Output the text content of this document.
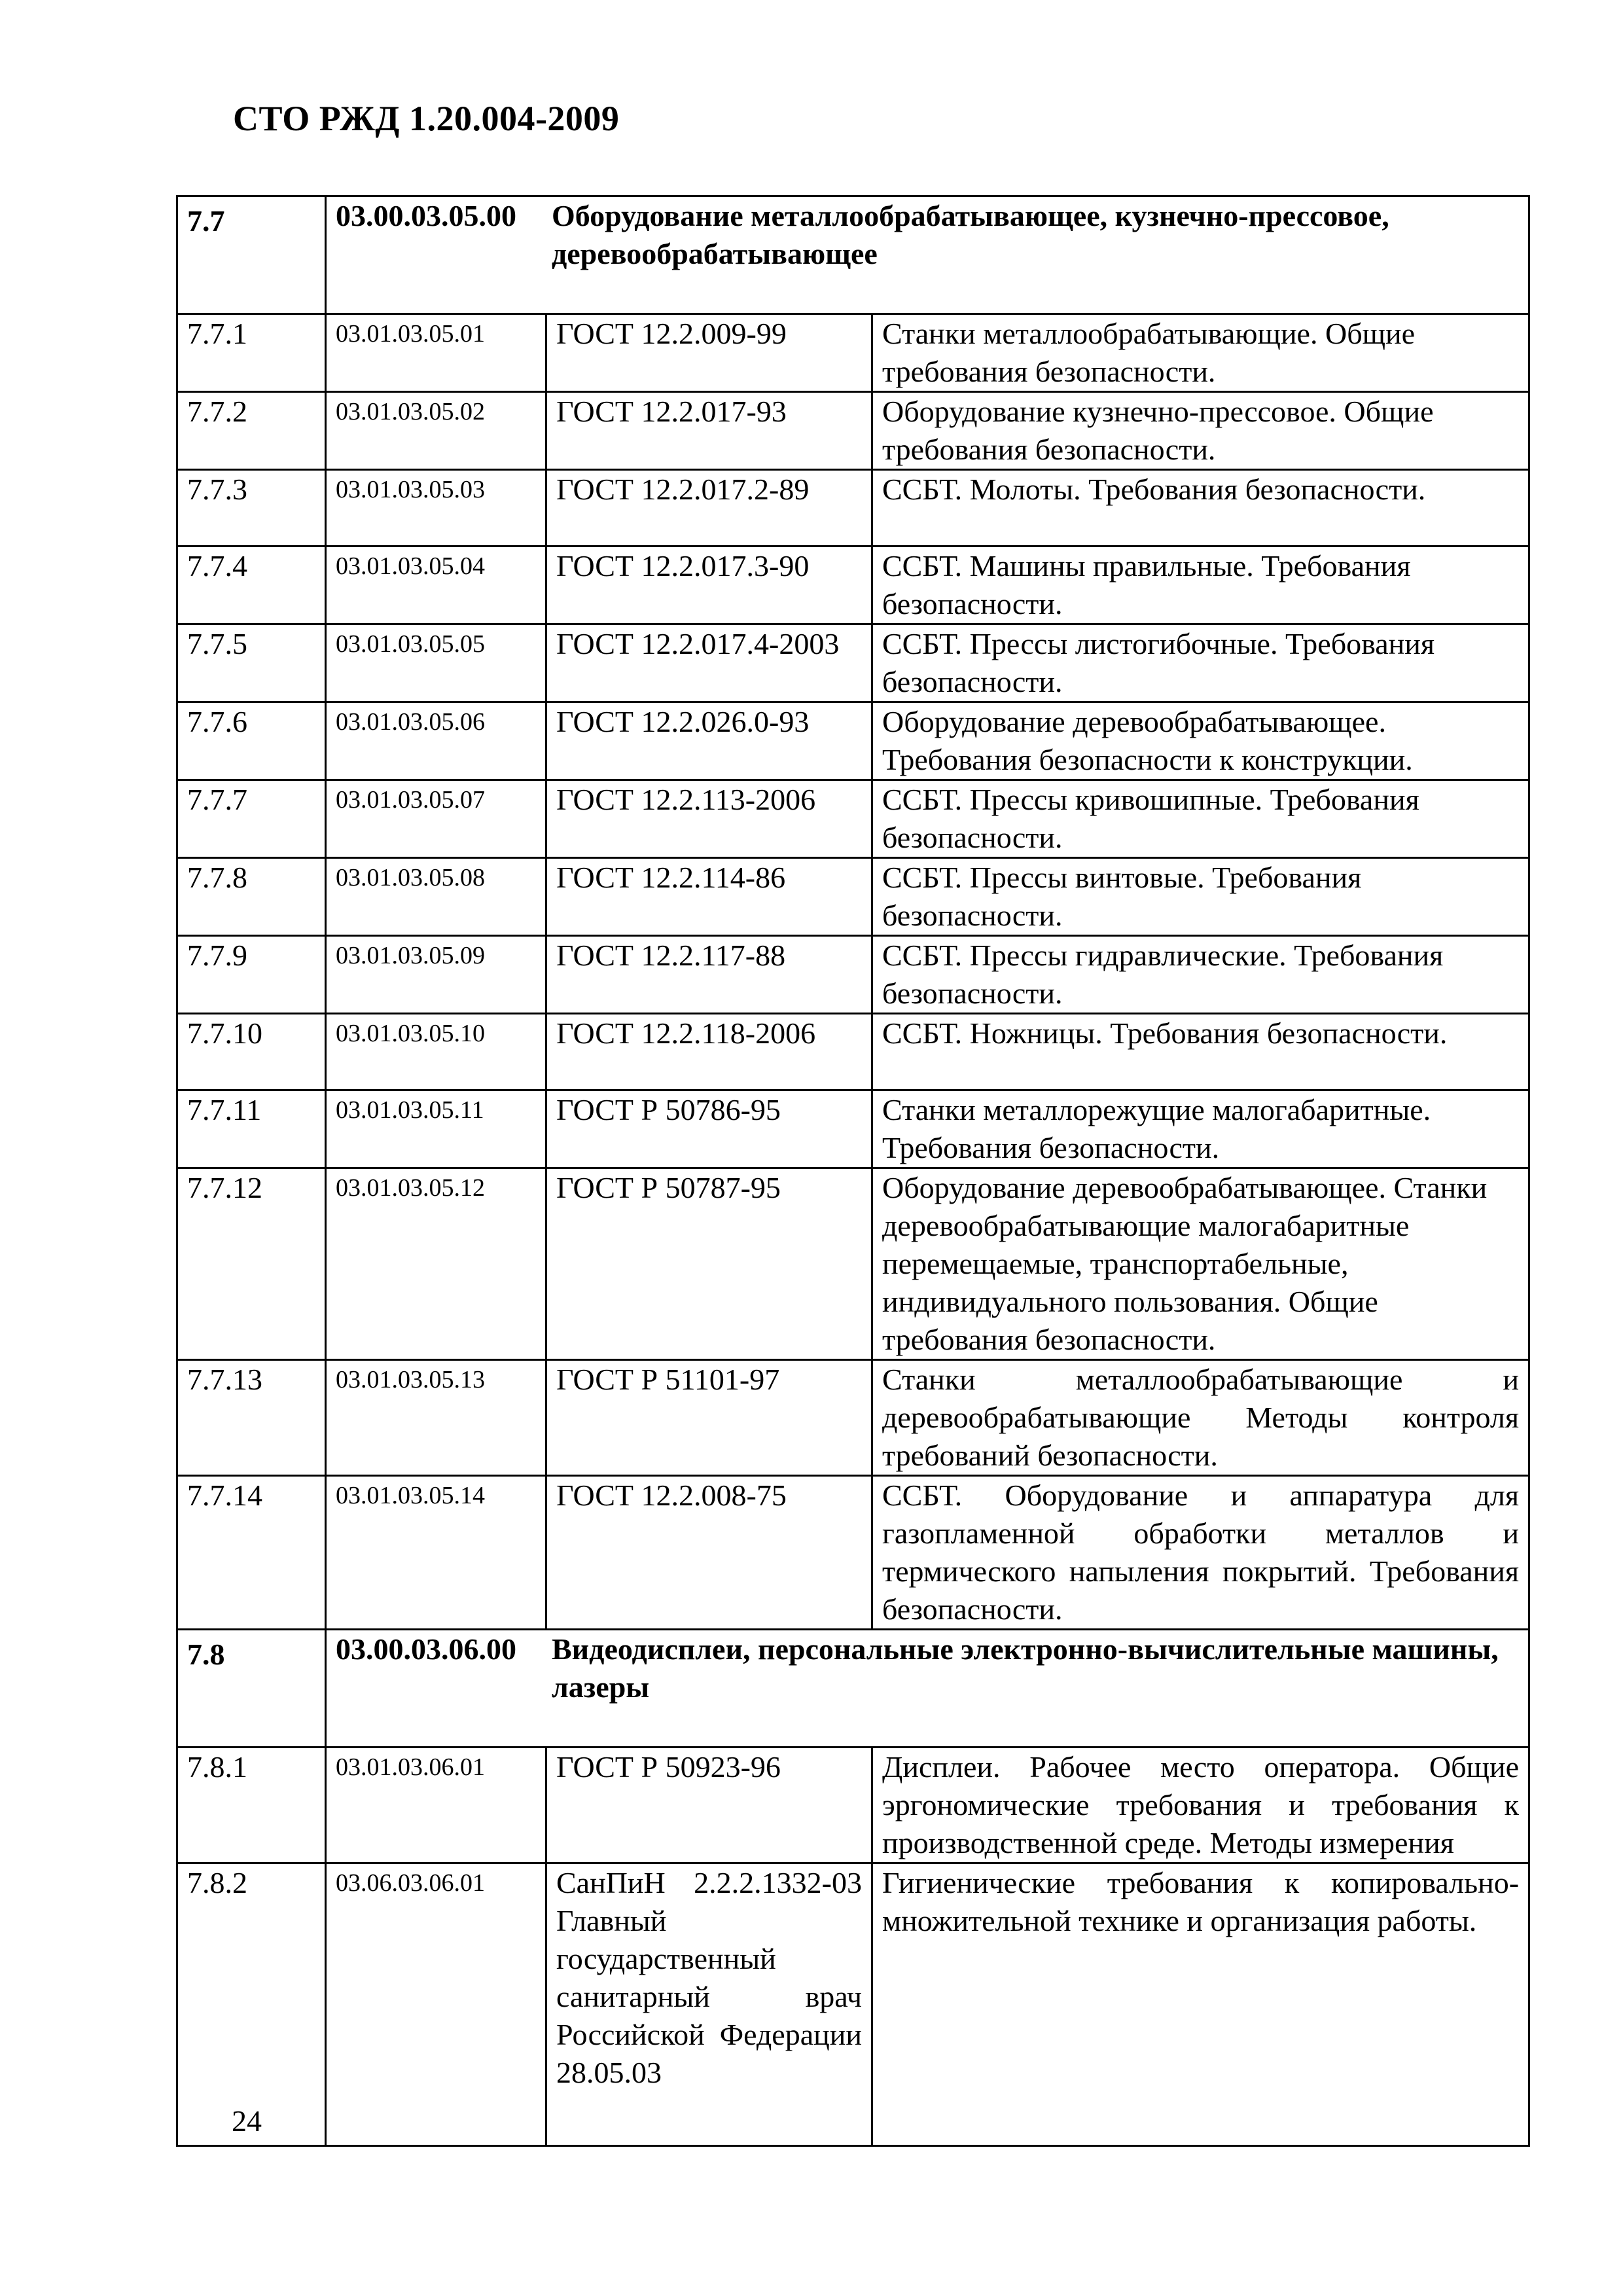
СТО РЖД 1.20.004-2009
7.7	03.00.03.05.00 Оборудование металлообрабатывающее, кузнечно-прессовое, деревообрабатывающее		
7.7.1	03.01.03.05.01	ГОСТ 12.2.009-99	Станки металлообрабатывающие. Общие требования безопасности.
7.7.2	03.01.03.05.02	ГОСТ 12.2.017-93	Оборудование кузнечно-прессовое. Общие требования безопасности.
7.7.3	03.01.03.05.03	ГОСТ 12.2.017.2-89	ССБТ. Молоты. Требования безопасности.
7.7.4	03.01.03.05.04	ГОСТ 12.2.017.3-90	ССБТ. Машины правильные. Требования безопасности.
7.7.5	03.01.03.05.05	ГОСТ 12.2.017.4-2003	ССБТ. Прессы листогибочные. Требования безопасности.
7.7.6	03.01.03.05.06	ГОСТ 12.2.026.0-93	Оборудование деревообрабатывающее. Требования безопасности к конструкции.
7.7.7	03.01.03.05.07	ГОСТ 12.2.113-2006	ССБТ. Прессы кривошипные. Требования безопасности.
7.7.8	03.01.03.05.08	ГОСТ 12.2.114-86	ССБТ. Прессы винтовые. Требования безопасности.
7.7.9	03.01.03.05.09	ГОСТ 12.2.117-88	ССБТ. Прессы гидравлические. Требования безопасности.
7.7.10	03.01.03.05.10	ГОСТ 12.2.118-2006	ССБТ. Ножницы. Требования безопасности.
7.7.11	03.01.03.05.11	ГОСТ Р 50786-95	Станки металлорежущие малогабаритные. Требования безопасности.
7.7.12	03.01.03.05.12	ГОСТ Р 50787-95	Оборудование деревообрабатывающее. Станки деревообрабатывающие малогабаритные перемещаемые, транспортабельные, индивидуального пользования. Общие требования безопасности.
7.7.13	03.01.03.05.13	ГОСТ Р 51101-97	Станки металлообрабатывающие и деревообрабатывающие Методы контроля требований безопасности.
7.7.14	03.01.03.05.14	ГОСТ 12.2.008-75	ССБТ. Оборудование и аппаратура для газопламенной обработки металлов и термического напыления покрытий. Требования безопасности.
7.8	03.00.03.06.00 Видеодисплеи, персональные электронно-вычислительные машины, лазеры		
7.8.1	03.01.03.06.01	ГОСТ Р 50923-96	Дисплеи. Рабочее место оператора. Общие эргономические требования и требования к производственной среде. Методы измерения
7.8.2	03.06.03.06.01	СанПиН 2.2.2.1332-03 Главный государственный санитарный врач Российской Федерации 28.05.03	Гигиенические требования к копировально-множительной технике и организация работы.
24
